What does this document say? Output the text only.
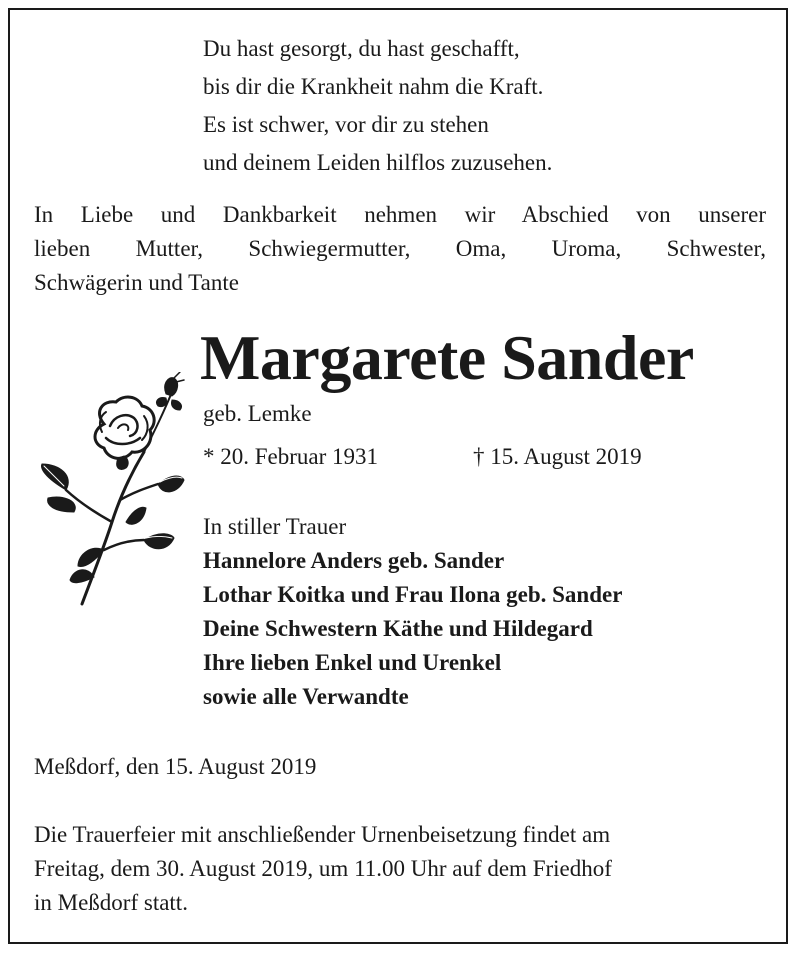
Du hast gesorgt, du hast geschafft,
bis dir die Krankheit nahm die Kraft.
Es ist schwer, vor dir zu stehen
und deinem Leiden hilflos zuzusehen.
In Liebe und Dankbarkeit nehmen wir Abschied von unserer
lieben Mutter, Schwiegermutter, Oma, Uroma, Schwester,
Schwägerin und Tante
Margarete Sander
geb. Lemke
* 20. Februar 1931	† 15. August 2019
In stiller Trauer
Hannelore Anders geb. Sander
Lothar Koitka und Frau Ilona geb. Sander
Deine Schwestern Käthe und Hildegard
Ihre lieben Enkel und Urenkel
sowie alle Verwandte
Meßdorf, den 15. August 2019
Die Trauerfeier mit anschließender Urnenbeisetzung findet am
Freitag, dem 30. August 2019, um 11.00 Uhr auf dem Friedhof
in Meßdorf statt.
